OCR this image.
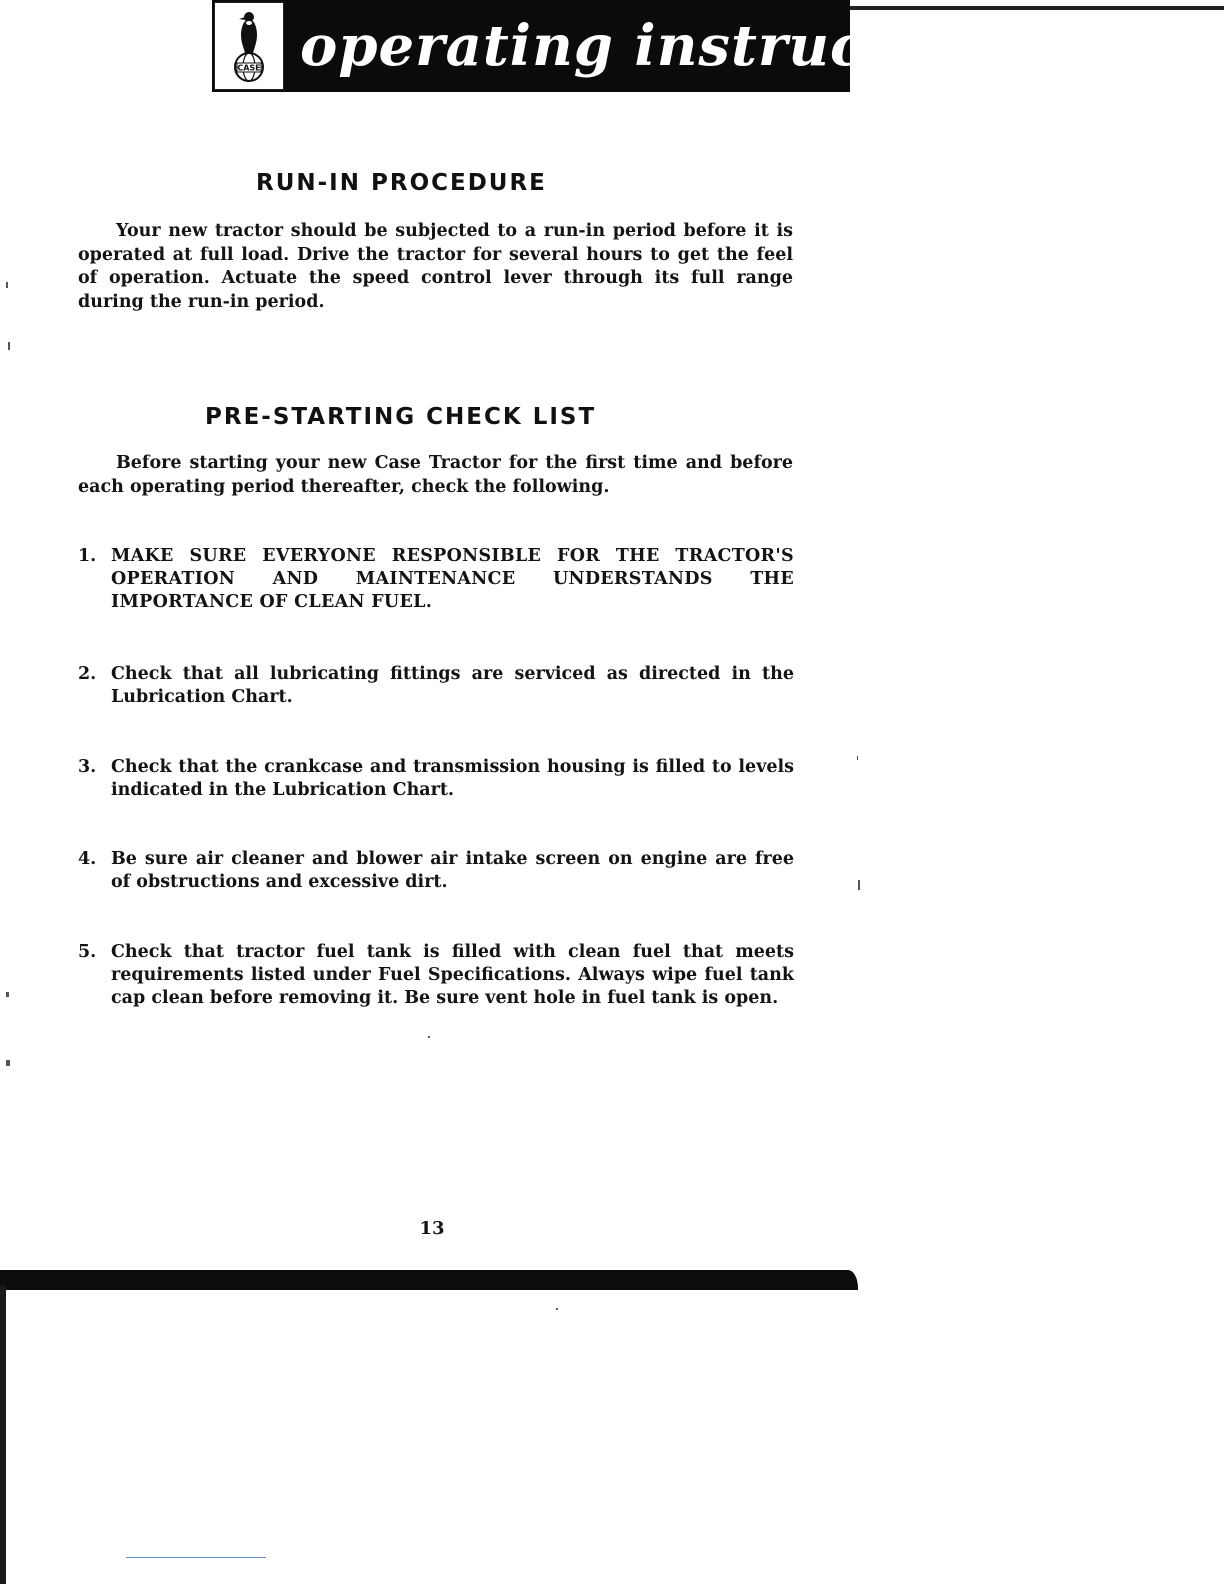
CASE operating instructions
RUN-IN PROCEDURE

Your new tractor should be subjected to a run-in period before it is operated at full load. Drive the tractor for several hours to get the feel of operation. Actuate the speed control lever through its full range during the run-in period.

PRE-STARTING CHECK LIST

Before starting your new Case Tractor for the first time and before each operating period thereafter, check the following.

1. MAKE SURE EVERYONE RESPONSIBLE FOR THE TRACTOR'S OPERATION AND MAINTENANCE UNDERSTANDS THE IMPORTANCE OF CLEAN FUEL.
2. Check that all lubricating fittings are serviced as directed in the Lubrication Chart.
3. Check that the crankcase and transmission housing is filled to levels indicated in the Lubrication Chart.
4. Be sure air cleaner and blower air intake screen on engine are free of obstructions and excessive dirt.
5. Check that tractor fuel tank is filled with clean fuel that meets requirements listed under Fuel Specifications. Always wipe fuel tank cap clean before removing it. Be sure vent hole in fuel tank is open.

13
